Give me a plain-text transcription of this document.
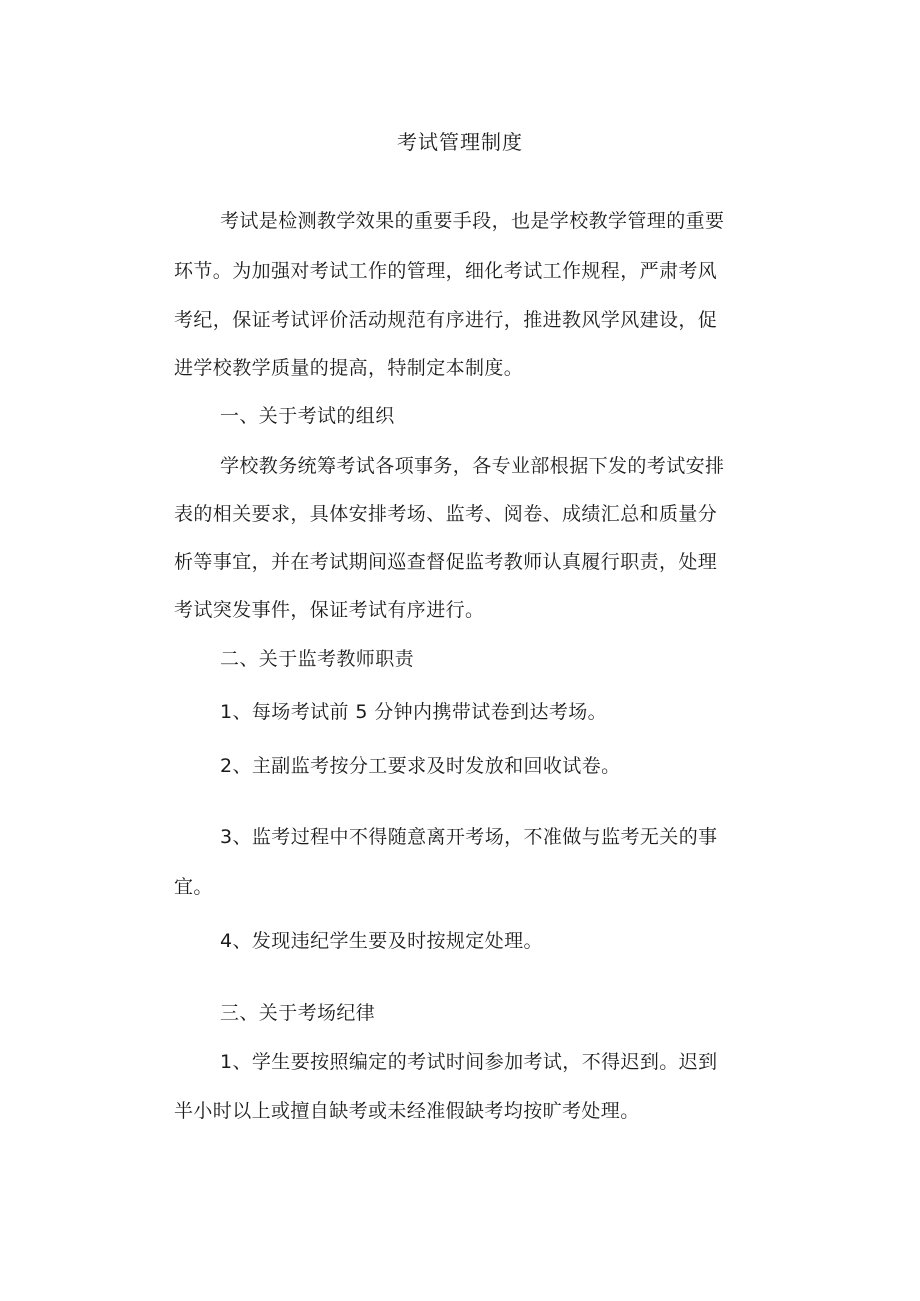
考试管理制度
考试是检测教学效果的重要手段，也是学校教学管理的重要
环节。为加强对考试工作的管理，细化考试工作规程，严肃考风
考纪，保证考试评价活动规范有序进行，推进教风学风建设，促
进学校教学质量的提高，特制定本制度。
一、关于考试的组织
学校教务统筹考试各项事务，各专业部根据下发的考试安排
表的相关要求，具体安排考场、监考、阅卷、成绩汇总和质量分
析等事宜，并在考试期间巡查督促监考教师认真履行职责，处理
考试突发事件，保证考试有序进行。
二、关于监考教师职责
1、每场考试前 5 分钟内携带试卷到达考场。
2、主副监考按分工要求及时发放和回收试卷。
3、监考过程中不得随意离开考场，不准做与监考无关的事
宜。
4、发现违纪学生要及时按规定处理。
三、关于考场纪律
1、学生要按照编定的考试时间参加考试，不得迟到。迟到
半小时以上或擅自缺考或未经准假缺考均按旷考处理。
